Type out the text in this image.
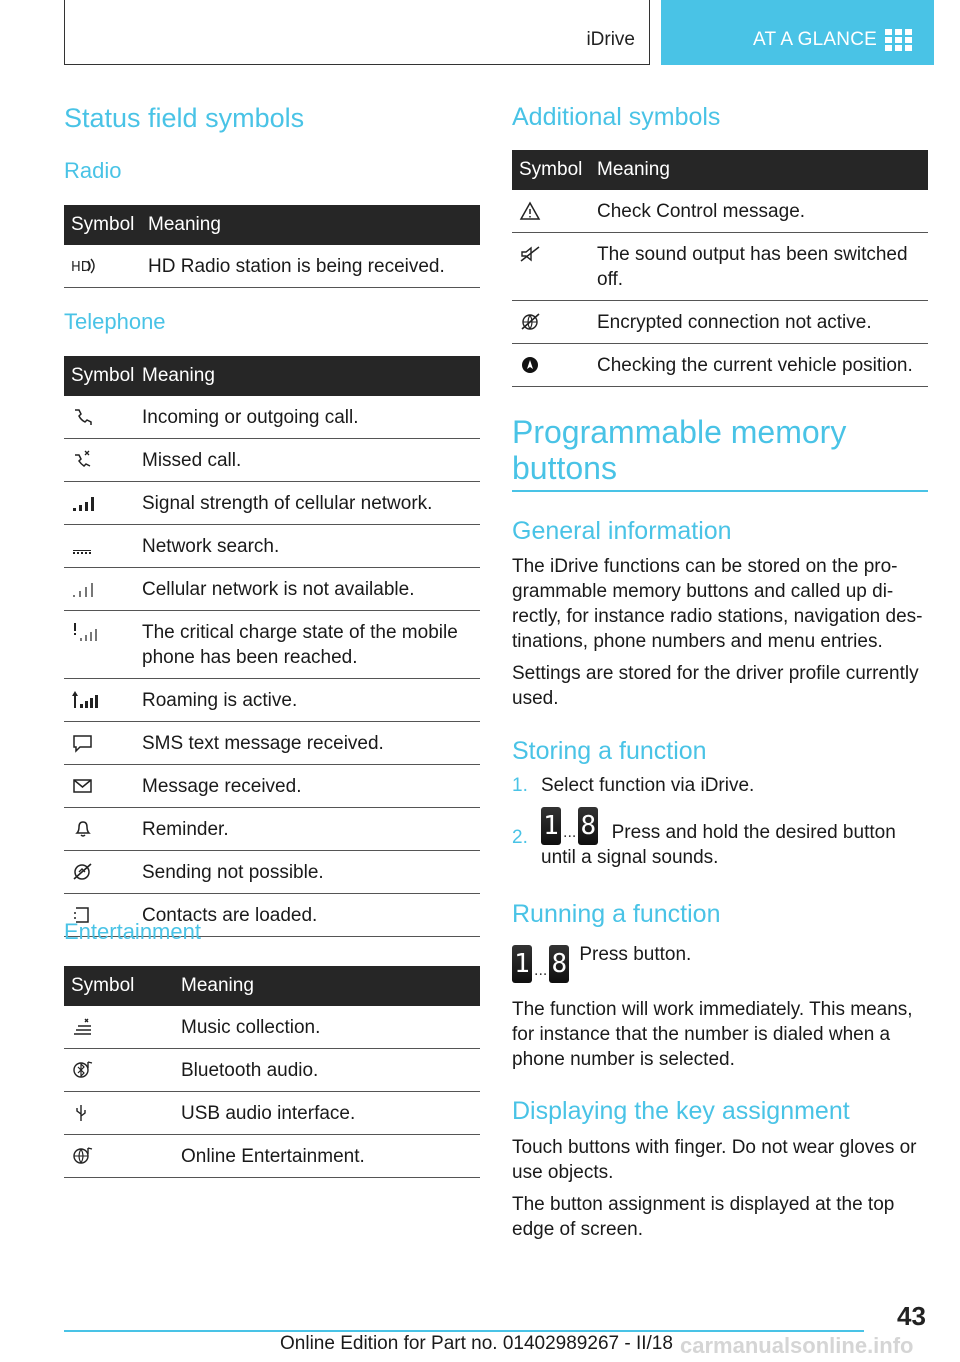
iDrive	AT A GLANCE
Status field symbols
Radio
Symbol Meaning
HD	HD Radio station is being received.
Telephone
Symbol Meaning
Incoming or outgoing call.
Missed call.
Signal strength of cellular network.
Network search.
Cellular network is not available.
The critical charge state of the mobile phone has been reached.
Roaming is active.
SMS text message received.
Message received.
Reminder.
Sending not possible.
Contacts are loaded.
Entertainment
Symbol	Meaning
Music collection.
Bluetooth audio.
USB audio interface.
Online Entertainment.
Additional symbols
Symbol Meaning
Check Control message.
The sound output has been switched off.
Encrypted connection not active.
Checking the current vehicle position.
Programmable memory
buttons
General information
The iDrive functions can be stored on the pro‐grammable memory buttons and called up di‐rectly, for instance radio stations, navigation des‐tinations, phone numbers and menu entries.
Settings are stored for the driver profile currently used.
Storing a function
1. Select function via iDrive.
2. 1 ... 8 Press and hold the desired button until a signal sounds.
Running a function
1 ... 8 Press button.
The function will work immediately. This means, for instance that the number is dialed when a phone number is selected.
Displaying the key assignment
Touch buttons with finger. Do not wear gloves or use objects.
The button assignment is displayed at the top edge of screen.
43
carmanualsonline.info
Online Edition for Part no. 01402989267 - II/18
